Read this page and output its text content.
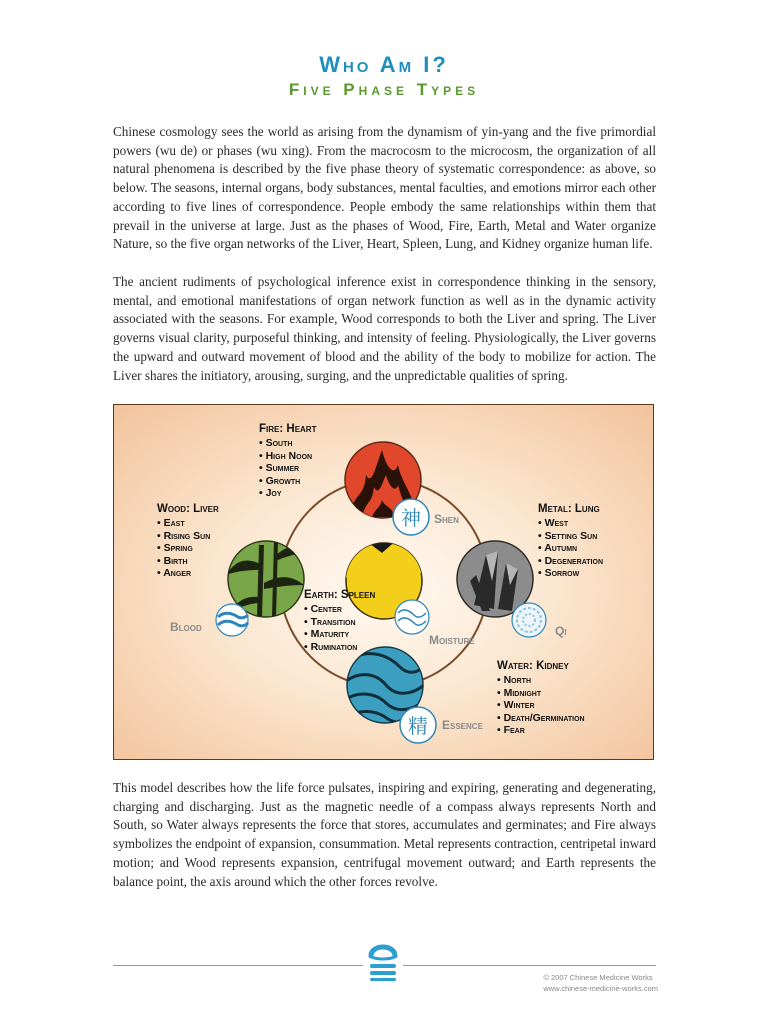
Who Am I?
Five Phase Types

Chinese cosmology sees the world as arising from the dynamism of yin-yang and the five primordial powers (wu de) or phases (wu xing). From the macrocosm to the microcosm, the organization of all natural phenomena is described by the five phase theory of systematic correspondence: as above, so below. The seasons, internal organs, body substances, mental faculties, and emotions mirror each other according to five lines of correspondence. People embody the same relationships within them that prevail in the universe at large. Just as the phases of Wood, Fire, Earth, Metal and Water organize Nature, so the five organ networks of the Liver, Heart, Spleen, Lung, and Kidney organize human life.

The ancient rudiments of psychological inference exist in correspondence thinking in the sensory, mental, and emotional manifestations of organ network function as well as in the dynamic activity associated with the seasons. For example, Wood corresponds to both the Liver and spring. The Liver governs visual clarity, purposeful thinking, and intensity of feeling. Physiologically, the Liver governs the upward and outward movement of blood and the ability of the body to mobilize for action. The Liver shares the initiatory, arousing, surging, and the unpredictable qualities of spring.

神
精
Fire: Heart
• South
• High Noon
• Summer
• Growth
• Joy
Wood: Liver
• East
• Rising Sun
• Spring
• Birth
• Anger
Metal: Lung
• West
• Setting Sun
• Autumn
• Degeneration
• Sorrow
Earth: Spleen
• Center
• Transition
• Maturity
• Rumination
Water: Kidney
• North
• Midnight
• Winter
• Death/Germination
• Fear
Shen
Blood
Moisture
Qi
Essence

This model describes how the life force pulsates, inspiring and expiring, generating and degenerating, charging and discharging. Just as the magnetic needle of a compass always represents North and South, so Water always represents the force that stores, accumulates and germinates; and Fire always symbolizes the endpoint of expansion, consummation. Metal represents contraction, centripetal inward motion; and Wood represents expansion, centrifugal movement outward; and Earth represents the balance point, the axis around which the other forces revolve.

© 2007 Chinese Medicine Works
www.chinese-medicine-works.com
